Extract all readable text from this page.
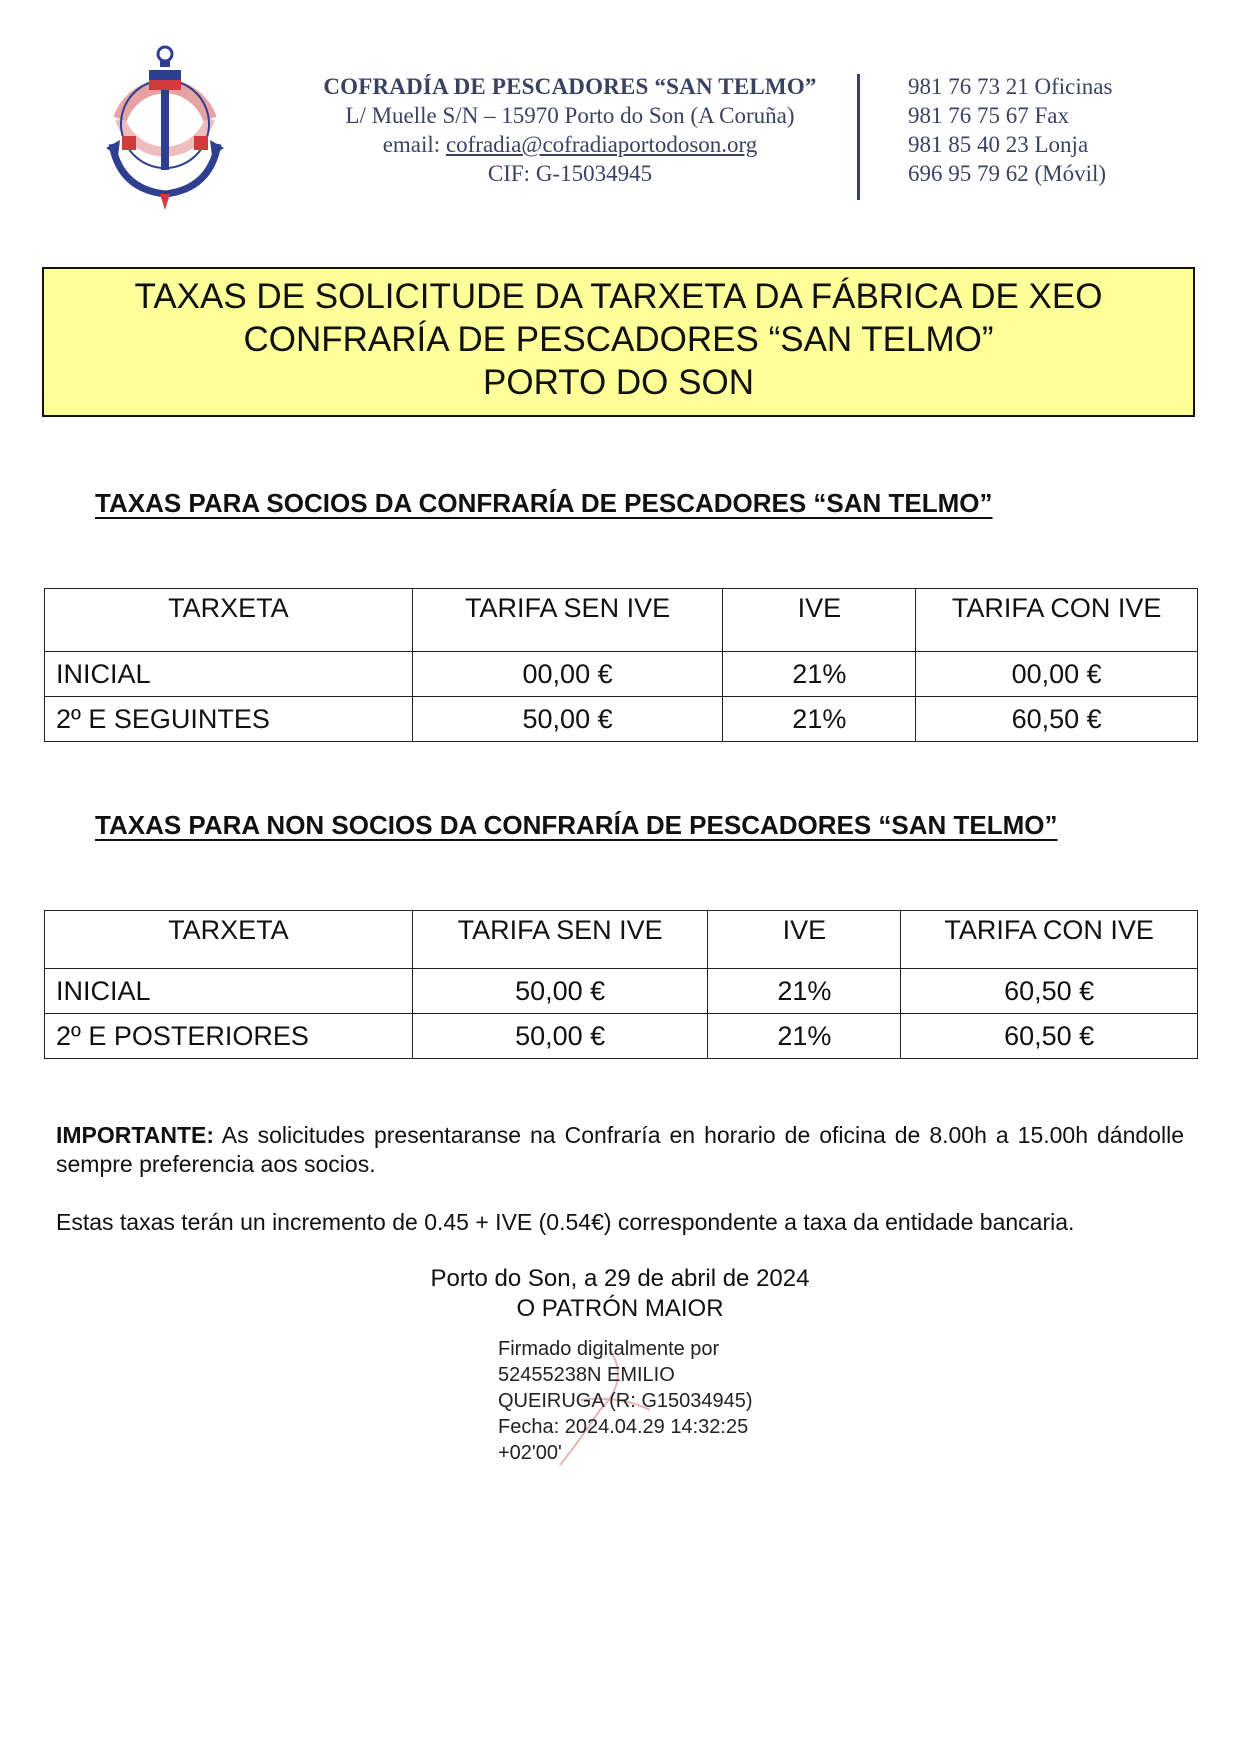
COFRADÍA DE PESCADORES “SAN TELMO”
L/ Muelle S/N – 15970 Porto do Son (A Coruña)
email: cofradia@cofradiaportodoson.org
CIF: G-15034945
981 76 73 21 Oficinas
981 76 75 67 Fax
981 85 40 23 Lonja
696 95 79 62 (Móvil)
TAXAS DE SOLICITUDE DA TARXETA DA FÁBRICA DE XEO
CONFRARÍA DE PESCADORES “SAN TELMO”
PORTO DO SON
TAXAS PARA SOCIOS DA CONFRARÍA DE PESCADORES “SAN TELMO”
TARXETA	TARIFA SEN IVE	IVE	TARIFA CON IVE
INICIAL	00,00 €	21%	00,00 €
2º E SEGUINTES	50,00 €	21%	60,50 €
TAXAS PARA NON SOCIOS DA CONFRARÍA DE PESCADORES “SAN TELMO”
TARXETA	TARIFA SEN IVE	IVE	TARIFA CON IVE
INICIAL	50,00 €	21%	60,50 €
2º E POSTERIORES	50,00 €	21%	60,50 €
IMPORTANTE: As solicitudes presentaranse na Confraría en horario de oficina de 8.00h a 15.00h dándolle sempre preferencia aos socios.
Estas taxas terán un incremento de 0.45 + IVE (0.54€) correspondente a taxa da entidade bancaria.
Porto do Son, a 29 de abril de 2024
O PATRÓN MAIOR
Firmado digitalmente por
52455238N EMILIO
QUEIRUGA (R: G15034945)
Fecha: 2024.04.29 14:32:25
+02'00'
